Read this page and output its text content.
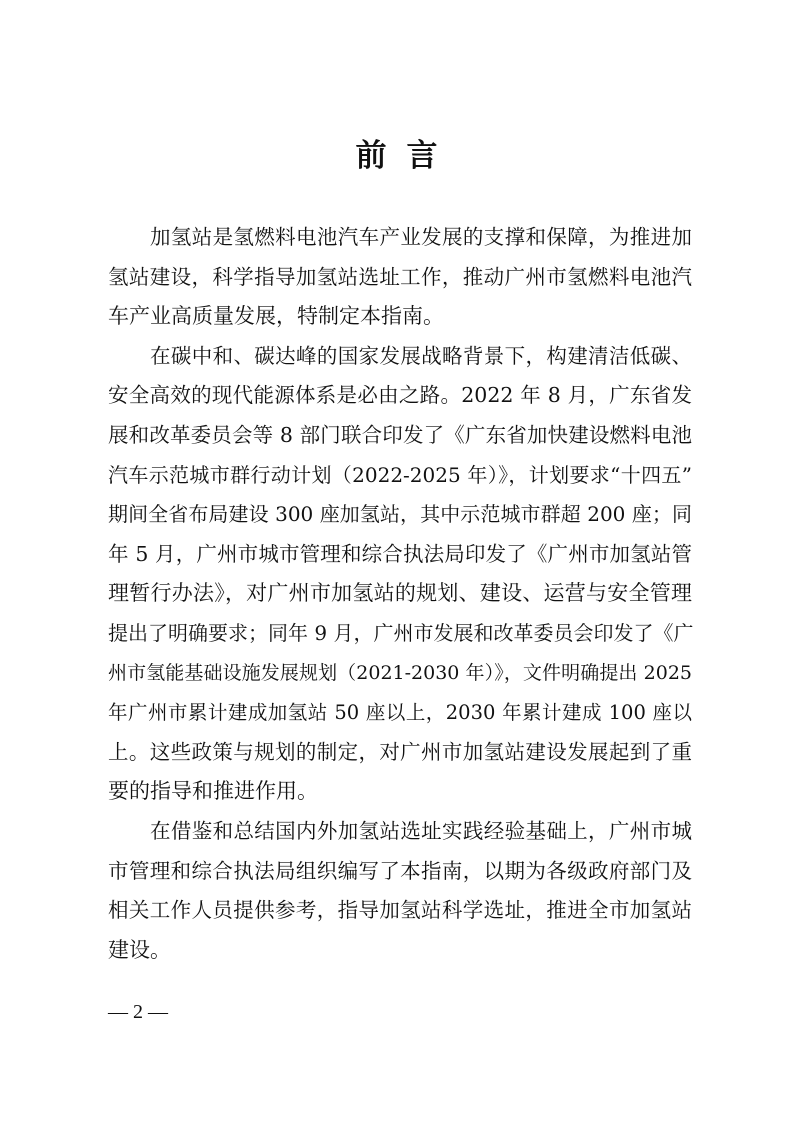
前言
加氢站是氢燃料电池汽车产业发展的支撑和保障，为推进加
氢站建设，科学指导加氢站选址工作，推动广州市氢燃料电池汽
车产业高质量发展，特制定本指南。
在碳中和、碳达峰的国家发展战略背景下，构建清洁低碳、
安全高效的现代能源体系是必由之路。2022 年 8 月，广东省发
展和改革委员会等 8 部门联合印发了《广东省加快建设燃料电池
汽车示范城市群行动计划（2022-2025 年）》，计划要求“十四五”
期间全省布局建设 300 座加氢站，其中示范城市群超 200 座；同
年 5 月，广州市城市管理和综合执法局印发了《广州市加氢站管
理暂行办法》，对广州市加氢站的规划、建设、运营与安全管理
提出了明确要求；同年 9 月，广州市发展和改革委员会印发了《广
州市氢能基础设施发展规划（2021-2030 年）》，文件明确提出 2025
年广州市累计建成加氢站 50 座以上，2030 年累计建成 100 座以
上。这些政策与规划的制定，对广州市加氢站建设发展起到了重
要的指导和推进作用。
在借鉴和总结国内外加氢站选址实践经验基础上，广州市城
市管理和综合执法局组织编写了本指南，以期为各级政府部门及
相关工作人员提供参考，指导加氢站科学选址，推进全市加氢站
建设。
— 2 —
